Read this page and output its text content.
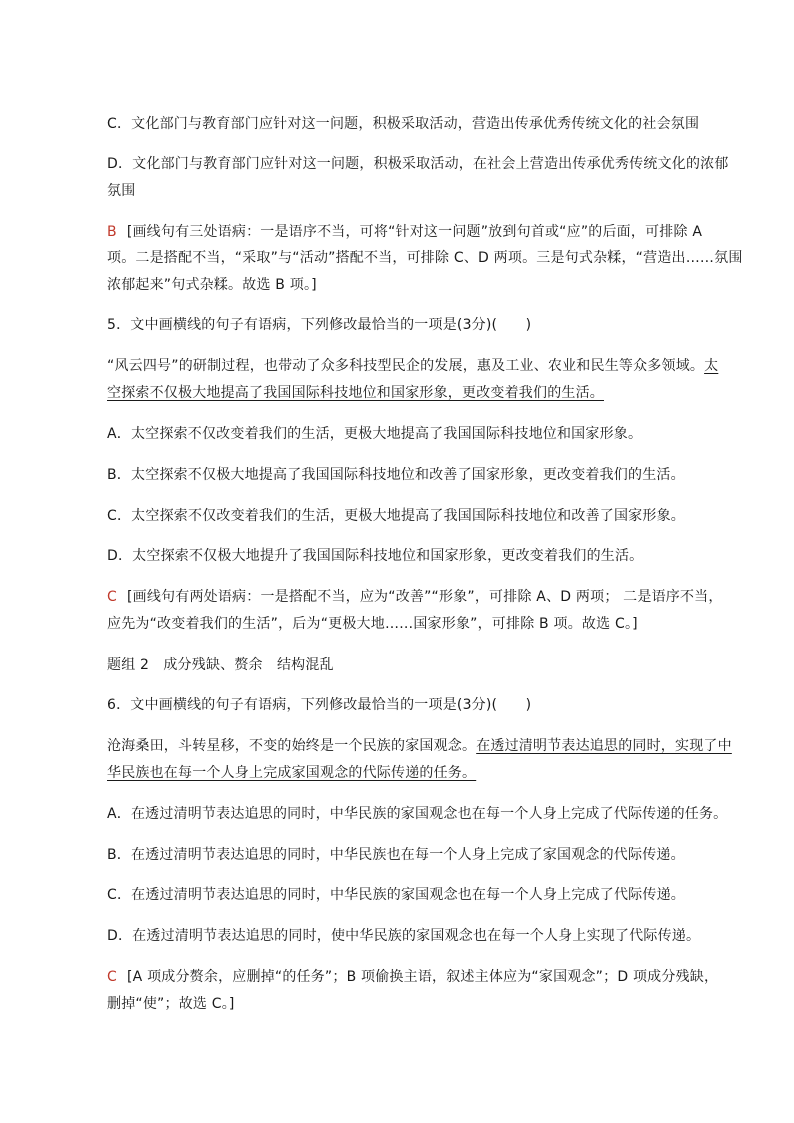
C．文化部门与教育部门应针对这一问题，积极采取活动，营造出传承优秀传统文化的社会氛围
D．文化部门与教育部门应针对这一问题，积极采取活动，在社会上营造出传承优秀传统文化的浓郁
氛围
B [画线句有三处语病：一是语序不当，可将“针对这一问题”放到句首或“应”的后面，可排除 A
项。二是搭配不当，“采取”与“活动”搭配不当，可排除 C、D 两项。三是句式杂糅，“营造出……氛围
浓郁起来”句式杂糅。故选 B 项。]
5．文中画横线的句子有语病，下列修改最恰当的一项是(3分)(　　)
“风云四号”的研制过程，也带动了众多科技型民企的发展，惠及工业、农业和民生等众多领域。太
空探索不仅极大地提高了我国国际科技地位和国家形象，更改变着我们的生活。
A．太空探索不仅改变着我们的生活，更极大地提高了我国国际科技地位和国家形象。
B．太空探索不仅极大地提高了我国国际科技地位和改善了国家形象，更改变着我们的生活。
C．太空探索不仅改变着我们的生活，更极大地提高了我国国际科技地位和改善了国家形象。
D．太空探索不仅极大地提升了我国国际科技地位和国家形象，更改变着我们的生活。
C [画线句有两处语病：一是搭配不当，应为“改善”“形象”，可排除 A、D 两项； 二是语序不当，
应先为“改变着我们的生活”，后为“更极大地……国家形象”，可排除 B 项。故选 C。]
题组 2　成分残缺、赘余　结构混乱
6．文中画横线的句子有语病，下列修改最恰当的一项是(3分)(　　)
沧海桑田，斗转星移，不变的始终是一个民族的家国观念。在透过清明节表达追思的同时，实现了中
华民族也在每一个人身上完成家国观念的代际传递的任务。
A．在透过清明节表达追思的同时，中华民族的家国观念也在每一个人身上完成了代际传递的任务。
B．在透过清明节表达追思的同时，中华民族也在每一个人身上完成了家国观念的代际传递。
C．在透过清明节表达追思的同时，中华民族的家国观念也在每一个人身上完成了代际传递。
D．在透过清明节表达追思的同时，使中华民族的家国观念也在每一个人身上实现了代际传递。
C [A 项成分赘余，应删掉“的任务”；B 项偷换主语，叙述主体应为“家国观念”；D 项成分残缺，
删掉“使”；故选 C。]
